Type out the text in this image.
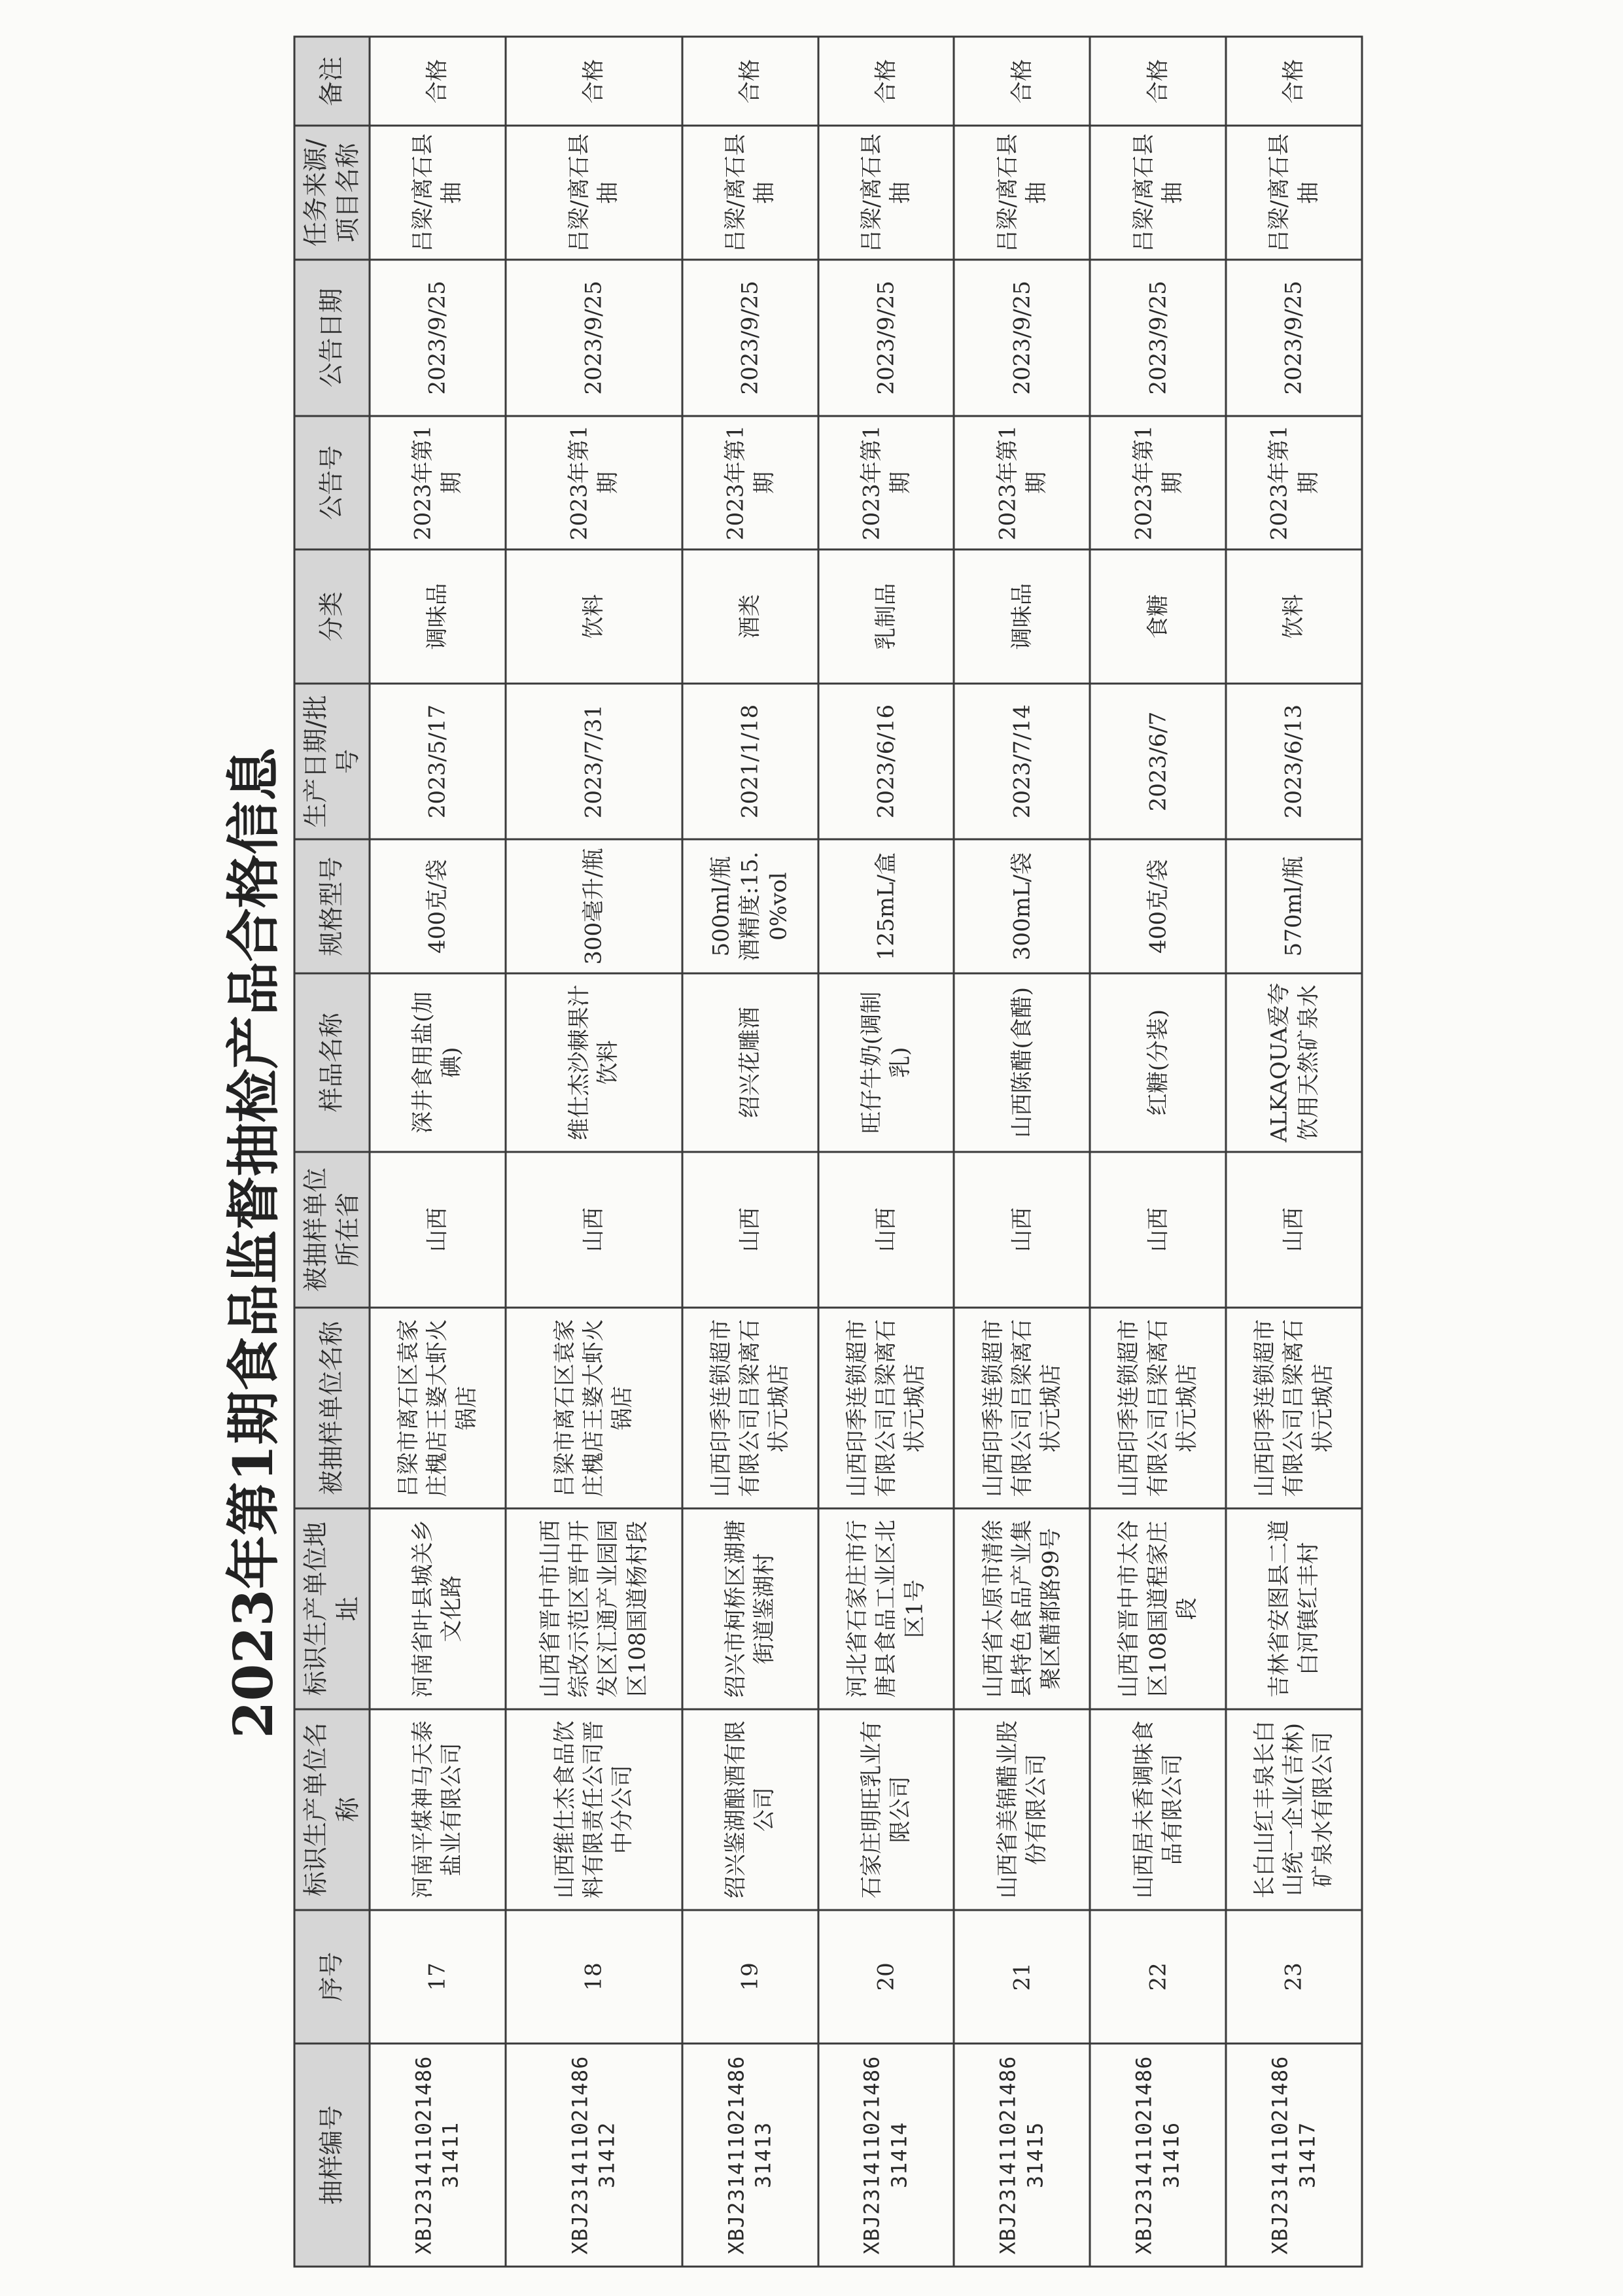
2023年第1期食品监督抽检产品合格信息
抽样编号	序号	标识生产单位名称	标识生产单位地址	被抽样单位名称	被抽样单位所在省	样品名称	规格型号	生产日期/批号	分类	公告号	公告日期	任务来源/项目名称	备注
XBJ23141102148631411	17	河南平煤神马天泰盐业有限公司	河南省叶县城关乡文化路	吕梁市离石区袁家庄槐店王婆大虾火锅店	山西	深井食用盐(加碘)	400克/袋	2023/5/17	调味品	2023年第1期	2023/9/25	吕梁/离石县抽	合格
XBJ23141102148631412	18	山西维仕杰食品饮料有限责任公司晋中分公司	山西省晋中市山西综改示范区晋中开发区汇通产业园园区108国道杨村段	吕梁市离石区袁家庄槐店王婆大虾火锅店	山西	维仕杰沙棘果汁饮料	300毫升/瓶	2023/7/31	饮料	2023年第1期	2023/9/25	吕梁/离石县抽	合格
XBJ23141102148631413	19	绍兴鉴湖酿酒有限公司	绍兴市柯桥区湖塘街道鉴湖村	山西印季连锁超市有限公司吕梁离石状元城店	山西	绍兴花雕酒	500ml/瓶 酒精度:15.0%vol	2021/1/18	酒类	2023年第1期	2023/9/25	吕梁/离石县抽	合格
XBJ23141102148631414	20	石家庄明旺乳业有限公司	河北省石家庄市行唐县食品工业区北区1号	山西印季连锁超市有限公司吕梁离石状元城店	山西	旺仔牛奶(调制乳)	125mL/盒	2023/6/16	乳制品	2023年第1期	2023/9/25	吕梁/离石县抽	合格
XBJ23141102148631415	21	山西省美锦醋业股份有限公司	山西省太原市清徐县特色食品产业集聚区醋都路99号	山西印季连锁超市有限公司吕梁离石状元城店	山西	山西陈醋(食醋)	300mL/袋	2023/7/14	调味品	2023年第1期	2023/9/25	吕梁/离石县抽	合格
XBJ23141102148631416	22	山西居未香调味食品有限公司	山西省晋中市太谷区108国道程家庄段	山西印季连锁超市有限公司吕梁离石状元城店	山西	红糖(分装)	400克/袋	2023/6/7	食糖	2023年第1期	2023/9/25	吕梁/离石县抽	合格
XBJ23141102148631417	23	长白山红丰泉长白山统一企业(吉林)矿泉水有限公司	吉林省安图县二道白河镇红丰村	山西印季连锁超市有限公司吕梁离石状元城店	山西	ALKAQUA爱夸饮用天然矿泉水	570ml/瓶	2023/6/13	饮料	2023年第1期	2023/9/25	吕梁/离石县抽	合格
